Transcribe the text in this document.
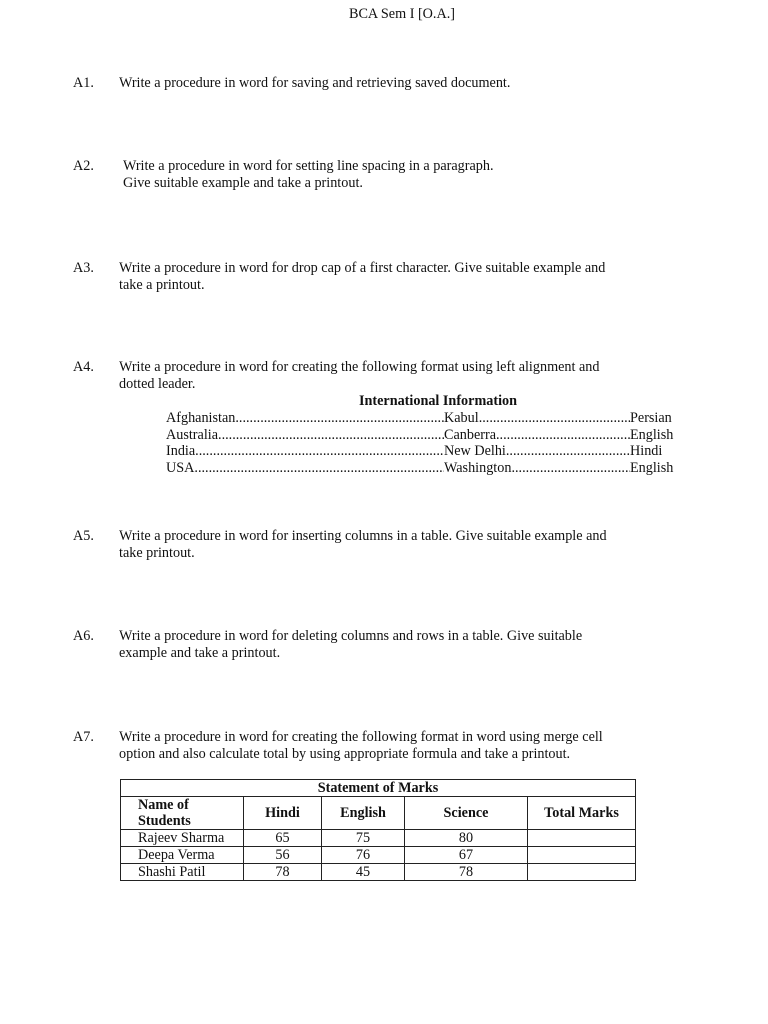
BCA Sem I [O.A.]
A1. Write a procedure in word for saving and retrieving saved document.
A2. Write a procedure in word for setting line spacing in a paragraph.
Give suitable example and take a printout.
A3. Write a procedure in word for drop cap of a first character. Give suitable example and
take a printout.
A4. Write a procedure in word for creating the following format using left alignment and
dotted leader.
International Information
Afghanistan .....	Kabul .....	Persian
Australia .....	Canberra .....	English
India .....	New Delhi .....	Hindi
USA .....	Washington .....	English
A5. Write a procedure in word for inserting columns in a table. Give suitable example and
take printout.
A6. Write a procedure in word for deleting columns and rows in a table. Give suitable
example and take a printout.
A7. Write a procedure in word for creating the following format in word using merge cell
option and also calculate total by using appropriate formula and take a printout.
Statement of Marks				
Name of Students	Hindi	English	Science	Total Marks
Rajeev Sharma	65	75	80	
Deepa Verma	56	76	67	
Shashi Patil	78	45	78	
